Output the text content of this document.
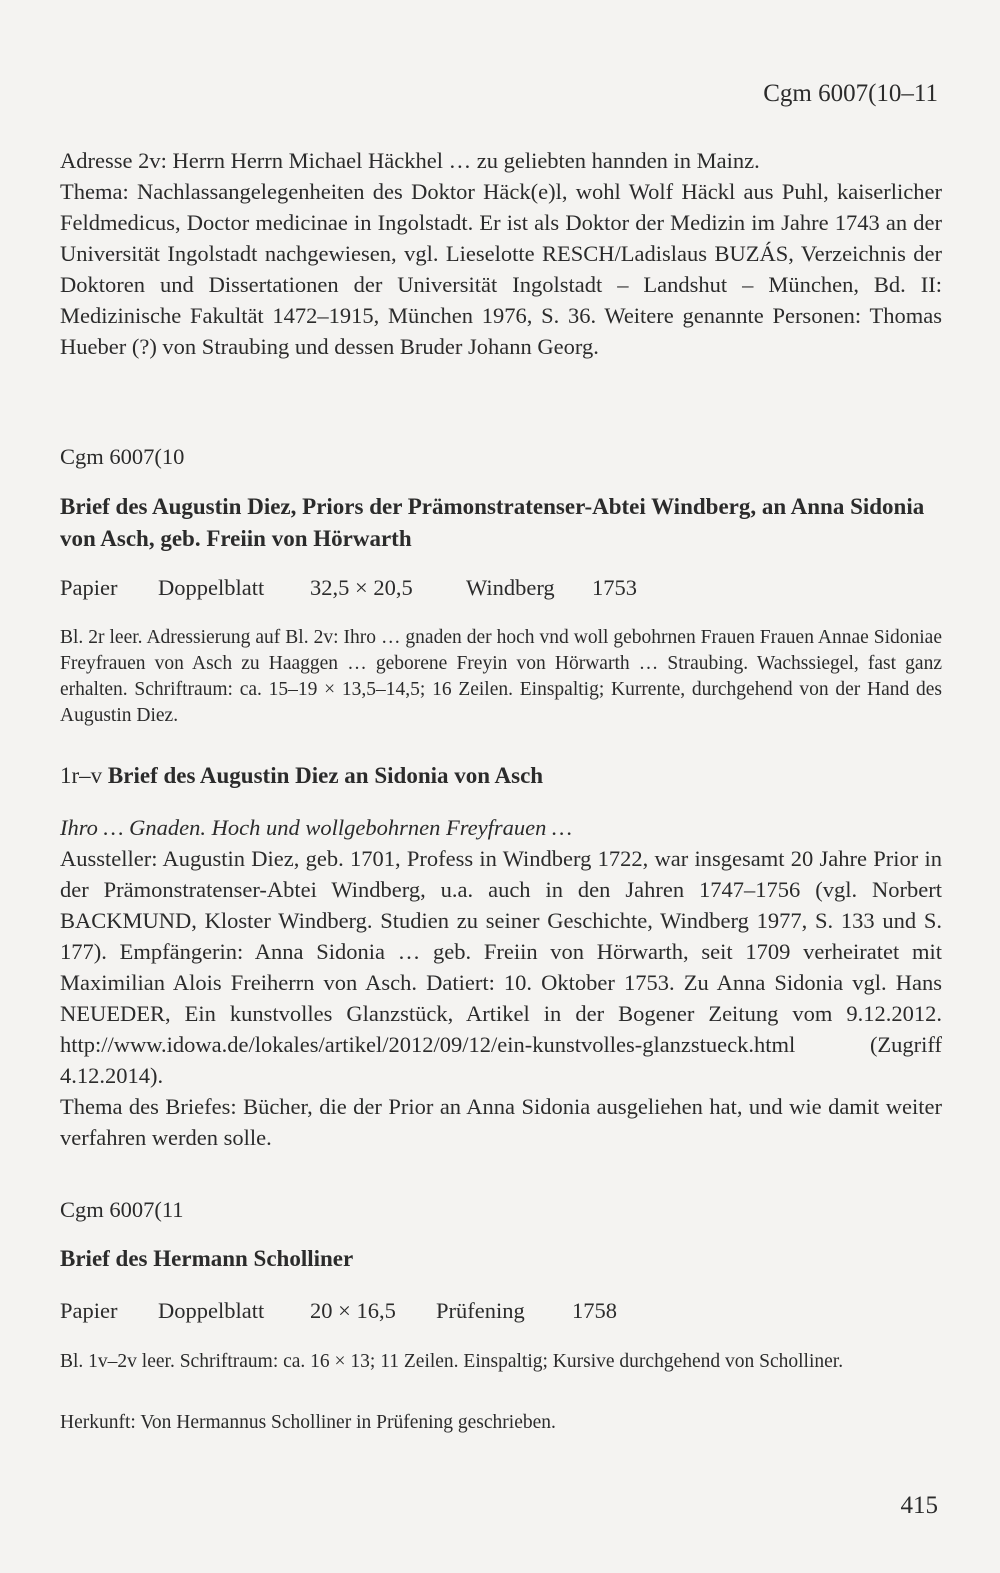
Cgm 6007(10–11

Adresse 2v: Herrn Herrn Michael Häckhel … zu geliebten hannden in Mainz.

Thema: Nachlassangelegenheiten des Doktor Häck(e)l, wohl Wolf Häckl aus Puhl, kaiserlicher Feldmedicus, Doctor medicinae in Ingolstadt. Er ist als Doktor der Medizin im Jahre 1743 an der Universität Ingolstadt nachgewiesen, vgl. Lieselotte RESCH/Ladislaus BUZÁS, Verzeichnis der Doktoren und Dissertationen der Universität Ingolstadt – Landshut – München, Bd. II: Medizinische Fakultät 1472–1915, München 1976, S. 36. Weitere genannte Personen: Thomas Hueber (?) von Straubing und dessen Bruder Johann Georg.

Cgm 6007(10
Brief des Augustin Diez, Priors der Prämonstratenser-Abtei Windberg, an Anna Sidonia von Asch, geb. Freiin von Hörwarth
Papier Doppelblatt 32,5 × 20,5 Windberg 1753

Bl. 2r leer. Adressierung auf Bl. 2v: Ihro … gnaden der hoch vnd woll gebohrnen Frauen Frauen Annae Sidoniae Freyfrauen von Asch zu Haaggen … geborene Freyin von Hörwarth … Straubing. Wachssiegel, fast ganz erhalten. Schriftraum: ca. 15–19 × 13,5–14,5; 16 Zeilen. Einspaltig; Kurrente, durchgehend von der Hand des Augustin Diez.

1r–v Brief des Augustin Diez an Sidonia von Asch
Ihro … Gnaden. Hoch und wollgebohrnen Freyfrauen …

Aussteller: Augustin Diez, geb. 1701, Profess in Windberg 1722, war insgesamt 20 Jahre Prior in der Prämonstratenser-Abtei Windberg, u.a. auch in den Jahren 1747–1756 (vgl. Norbert BACKMUND, Kloster Windberg. Studien zu seiner Geschichte, Windberg 1977, S. 133 und S. 177). Empfängerin: Anna Sidonia … geb. Freiin von Hörwarth, seit 1709 verheiratet mit Maximilian Alois Freiherrn von Asch. Datiert: 10. Oktober 1753. Zu Anna Sidonia vgl. Hans NEUEDER, Ein kunstvolles Glanzstück, Artikel in der Bogener Zeitung vom 9.12.2012. http://www.idowa.de/lokales/artikel/2012/09/12/ein-kunstvolles-glanzstueck.html (Zugriff 4.12.2014).

Thema des Briefes: Bücher, die der Prior an Anna Sidonia ausgeliehen hat, und wie damit weiter verfahren werden solle.

Cgm 6007(11
Brief des Hermann Scholliner
Papier Doppelblatt 20 × 16,5 Prüfening 1758

Bl. 1v–2v leer. Schriftraum: ca. 16 × 13; 11 Zeilen. Einspaltig; Kursive durchgehend von Scholliner.

Herkunft: Von Hermannus Scholliner in Prüfening geschrieben.
415
